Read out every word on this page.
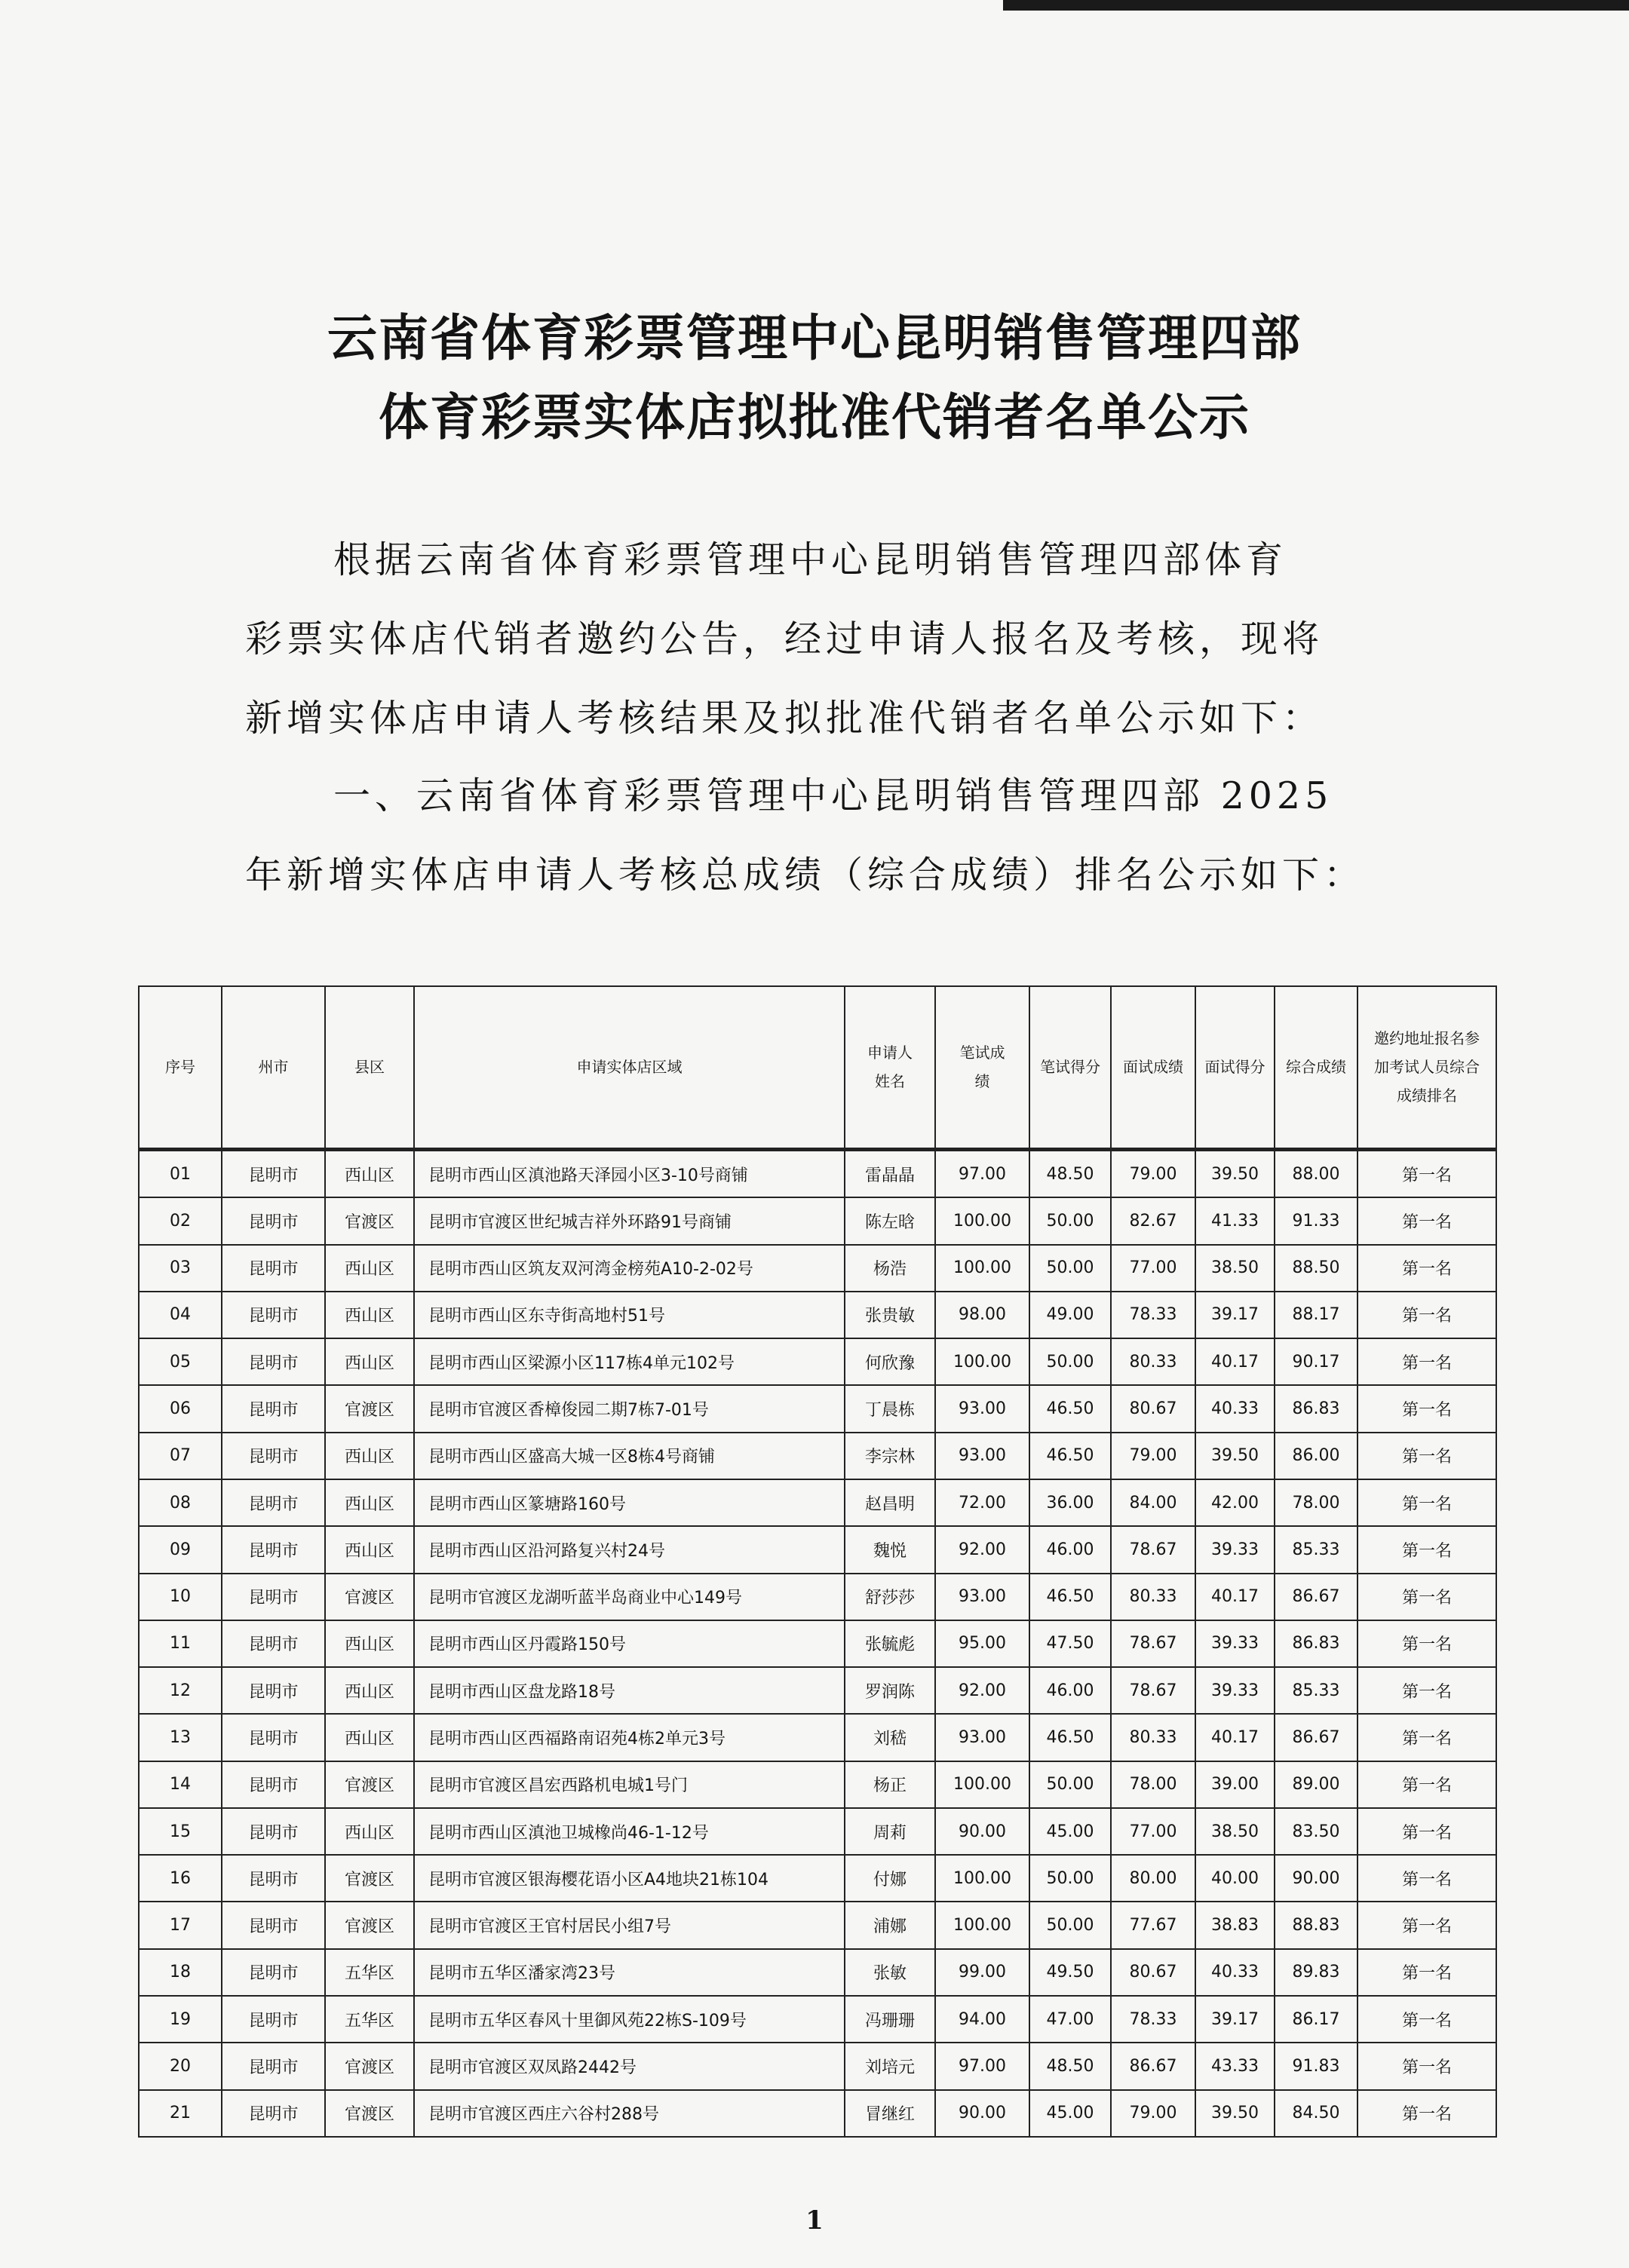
云南省体育彩票管理中心昆明销售管理四部
体育彩票实体店拟批准代销者名单公示
根据云南省体育彩票管理中心昆明销售管理四部体育
彩票实体店代销者邀约公告，经过申请人报名及考核，现将
新增实体店申请人考核结果及拟批准代销者名单公示如下：
一、云南省体育彩票管理中心昆明销售管理四部 2025
年新增实体店申请人考核总成绩（综合成绩）排名公示如下：
序号	州市	县区	申请实体店区域	申请人姓名	笔试成绩	笔试得分	面试成绩	面试得分	综合成绩	邀约地址报名参加考试人员综合成绩排名
01	昆明市	西山区	昆明市西山区滇池路天泽园小区3-10号商铺	雷晶晶	97.00	48.50	79.00	39.50	88.00	第一名
02	昆明市	官渡区	昆明市官渡区世纪城吉祥外环路91号商铺	陈左晗	100.00	50.00	82.67	41.33	91.33	第一名
03	昆明市	西山区	昆明市西山区筑友双河湾金榜苑A10-2-02号	杨浩	100.00	50.00	77.00	38.50	88.50	第一名
04	昆明市	西山区	昆明市西山区东寺街高地村51号	张贵敏	98.00	49.00	78.33	39.17	88.17	第一名
05	昆明市	西山区	昆明市西山区梁源小区117栋4单元102号	何欣豫	100.00	50.00	80.33	40.17	90.17	第一名
06	昆明市	官渡区	昆明市官渡区香樟俊园二期7栋7-01号	丁晨栋	93.00	46.50	80.67	40.33	86.83	第一名
07	昆明市	西山区	昆明市西山区盛高大城一区8栋4号商铺	李宗林	93.00	46.50	79.00	39.50	86.00	第一名
08	昆明市	西山区	昆明市西山区篆塘路160号	赵昌明	72.00	36.00	84.00	42.00	78.00	第一名
09	昆明市	西山区	昆明市西山区沿河路复兴村24号	魏悦	92.00	46.00	78.67	39.33	85.33	第一名
10	昆明市	官渡区	昆明市官渡区龙湖听蓝半岛商业中心149号	舒莎莎	93.00	46.50	80.33	40.17	86.67	第一名
11	昆明市	西山区	昆明市西山区丹霞路150号	张毓彪	95.00	47.50	78.67	39.33	86.83	第一名
12	昆明市	西山区	昆明市西山区盘龙路18号	罗润陈	92.00	46.00	78.67	39.33	85.33	第一名
13	昆明市	西山区	昆明市西山区西福路南诏苑4栋2单元3号	刘嵇	93.00	46.50	80.33	40.17	86.67	第一名
14	昆明市	官渡区	昆明市官渡区昌宏西路机电城1号门	杨正	100.00	50.00	78.00	39.00	89.00	第一名
15	昆明市	西山区	昆明市西山区滇池卫城橡尚46-1-12号	周莉	90.00	45.00	77.00	38.50	83.50	第一名
16	昆明市	官渡区	昆明市官渡区银海樱花语小区A4地块21栋104	付娜	100.00	50.00	80.00	40.00	90.00	第一名
17	昆明市	官渡区	昆明市官渡区王官村居民小组7号	浦娜	100.00	50.00	77.67	38.83	88.83	第一名
18	昆明市	五华区	昆明市五华区潘家湾23号	张敏	99.00	49.50	80.67	40.33	89.83	第一名
19	昆明市	五华区	昆明市五华区春风十里御风苑22栋S-109号	冯珊珊	94.00	47.00	78.33	39.17	86.17	第一名
20	昆明市	官渡区	昆明市官渡区双凤路2442号	刘培元	97.00	48.50	86.67	43.33	91.83	第一名
21	昆明市	官渡区	昆明市官渡区西庄六谷村288号	冒继红	90.00	45.00	79.00	39.50	84.50	第一名
1
